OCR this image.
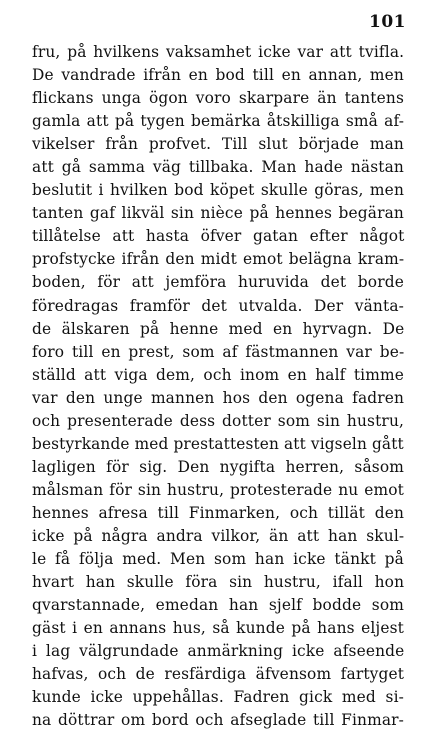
101
fru, på hvilkens vaksamhet icke var att tvifla.
De vandrade ifrån en bod till en annan, men
flickans unga ögon voro skarpare än tantens
gamla att på tygen bemärka åtskilliga små af-
vikelser från profvet. Till slut började man
att gå samma väg tillbaka. Man hade nästan
beslutit i hvilken bod köpet skulle göras, men
tanten gaf likväl sin nièce på hennes begäran
tillåtelse att hasta öfver gatan efter något
profstycke ifrån den midt emot belägna kram-
boden, för att jemföra huruvida det borde
föredragas framför det utvalda. Der vänta-
de älskaren på henne med en hyrvagn. De
foro till en prest, som af fästmannen var be-
ställd att viga dem, och inom en half timme
var den unge mannen hos den ogena fadren
och presenterade dess dotter som sin hustru,
bestyrkande med prestattesten att vigseln gått
lagligen för sig. Den nygifta herren, såsom
målsman för sin hustru, protesterade nu emot
hennes afresa till Finmarken, och tillät den
icke på några andra vilkor, än att han skul-
le få följa med. Men som han icke tänkt på
hvart han skulle föra sin hustru, ifall hon
qvarstannade, emedan han sjelf bodde som
gäst i en annans hus, så kunde på hans eljest
i lag välgrundade anmärkning icke afseende
hafvas, och de resfärdiga äfvensom fartyget
kunde icke uppehållas. Fadren gick med si-
na döttrar om bord och afseglade till Finmar-
